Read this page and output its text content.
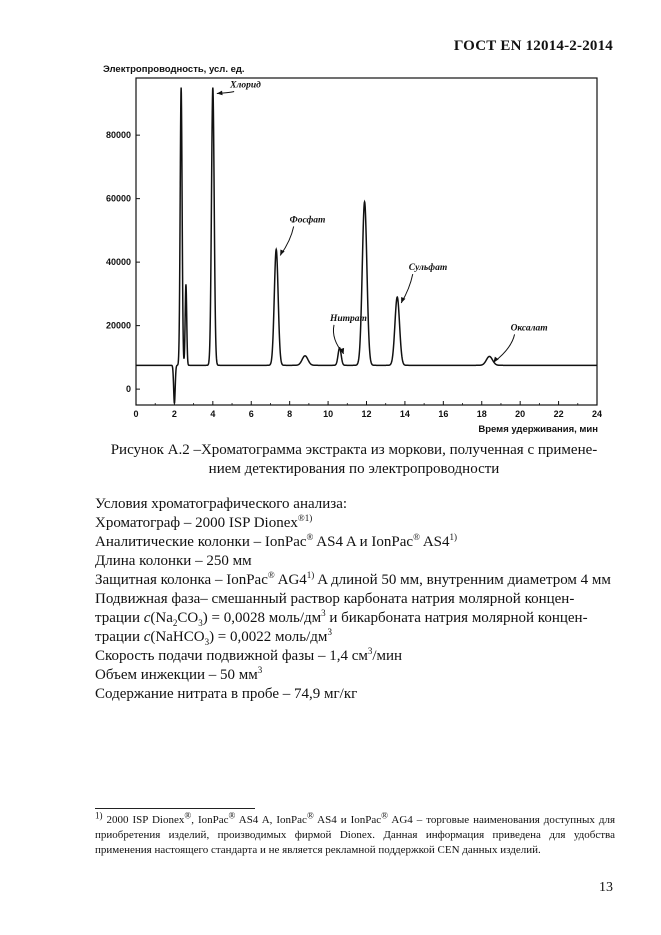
ГОСТ EN 12014-2-2014
0
20000
40000
60000
80000
0	2	4	6	8	10	12	14	16	18	20	22	24
Хлорид
Фосфат
Нитрат
Сульфат
Оксалат
Электропроводность, усл. ед.
Время удерживания, мин
Рисунок А.2 –Хроматограмма экстракта из моркови, полученная с примене-
нием детектирования по электропроводности

Условия хроматографического анализа:

Хроматограф – 2000 ISP Dionex$^{®1)}$

Аналитические колонки – IonPac® AS4 A и IonPac® AS4$^{1)}$

Длина колонки – 250 мм

Защитная колонка – IonPac® AG4$^{1)}$ A длиной 50 мм, внутренним диаметром 4 мм

Подвижная фаза– смешанный раствор карбоната натрия молярной концен-

трации $c(Na_2CO_3) = 0,0028$ моль/$дм^3$ и бикарбоната натрия молярной концен-

трации c(NaHCO$_3$) = 0,0022 моль/$дм^3$

Скорость подачи подвижной фазы – 1,4 $см^3$/мин

Объем инжекции – 50 $мм^3$

Содержание нитрата в пробе – 74,9 мг/кг

$^{1)}$ 2000 ISP Dionex®, IonPac® AS4 A, IonPac® AS4 и IonPac® AG4 – торговые наименования доступных для приобретения изделий, производимых фирмой Dionex. Данная информация приведена для удобства применения настоящего стандарта и не является рекламной поддержкой CEN данных изделий.
13
